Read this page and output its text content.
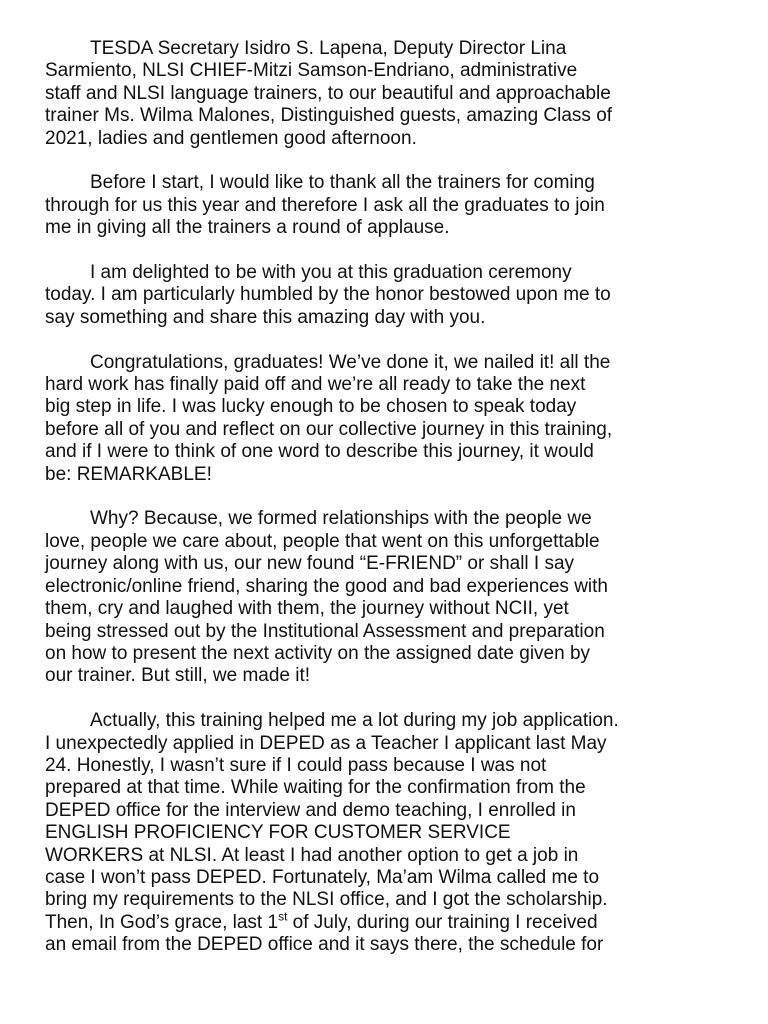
TESDA Secretary Isidro S. Lapena, Deputy Director Lina
Sarmiento, NLSI CHIEF-Mitzi Samson-Endriano, administrative
staff and NLSI language trainers, to our beautiful and approachable
trainer Ms. Wilma Malones, Distinguished guests, amazing Class of
2021, ladies and gentlemen good afternoon.

Before I start, I would like to thank all the trainers for coming
through for us this year and therefore I ask all the graduates to join
me in giving all the trainers a round of applause.

I am delighted to be with you at this graduation ceremony
today. I am particularly humbled by the honor bestowed upon me to
say something and share this amazing day with you.

Congratulations, graduates! We’ve done it, we nailed it! all the
hard work has finally paid off and we’re all ready to take the next
big step in life. I was lucky enough to be chosen to speak today
before all of you and reflect on our collective journey in this training,
and if I were to think of one word to describe this journey, it would
be: REMARKABLE!

Why? Because, we formed relationships with the people we
love, people we care about, people that went on this unforgettable
journey along with us, our new found “E-FRIEND” or shall I say
electronic/online friend, sharing the good and bad experiences with
them, cry and laughed with them, the journey without NCII, yet
being stressed out by the Institutional Assessment and preparation
on how to present the next activity on the assigned date given by
our trainer. But still, we made it!

Actually, this training helped me a lot during my job application.
I unexpectedly applied in DEPED as a Teacher I applicant last May
24. Honestly, I wasn’t sure if I could pass because I was not
prepared at that time. While waiting for the confirmation from the
DEPED office for the interview and demo teaching, I enrolled in
ENGLISH PROFICIENCY FOR CUSTOMER SERVICE
WORKERS at NLSI. At least I had another option to get a job in
case I won’t pass DEPED. Fortunately, Ma’am Wilma called me to
bring my requirements to the NLSI office, and I got the scholarship.
Then, In God’s grace, last 1st of July, during our training I received
an email from the DEPED office and it says there, the schedule for
